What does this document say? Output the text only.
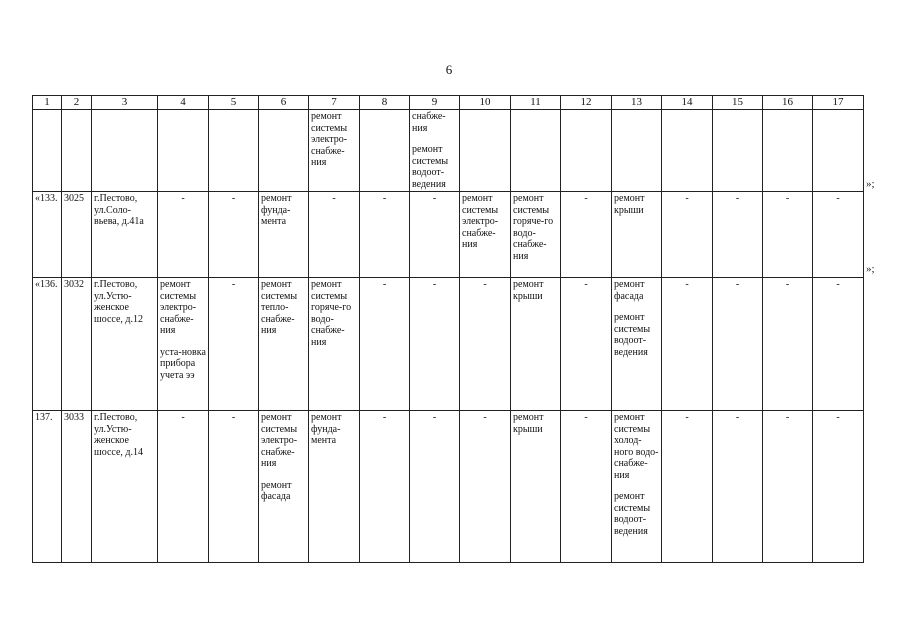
6
1	2	3	4	5	6	7	8	9	10	11	12	13	14	15	16	17

						ремонт системы электро-снабже-ния		снабже-ния
ремонт системы водоот-ведения								

«133.	3025	г.Пестово, ул.Соло-вьева, д.41а	-	-	ремонт фунда-мента	-	-	-	ремонт системы электро-снабже-ния	ремонт системы горяче-го водо-снабже-ния	-	ремонт крыши	-	-	-	-

«136.	3032	г.Пестово, ул.Устю-женское шоссе, д.12	ремонт системы электро-снабже-ния
уста-новка прибора учета ээ	-	ремонт системы тепло-снабже-ния	ремонт системы горяче-го водо-снабже-ния	-	-	-	ремонт крыши	-	ремонт фасада
ремонт системы водоот-ведения	-	-	-	-

137.	3033	г.Пестово, ул.Устю-женское шоссе, д.14	-	-	ремонт системы электро-снабже-ния
ремонт фасада	ремонт фунда-мента	-	-	-	ремонт крыши	-	ремонт системы холод-ного водо-снабже-ния
ремонт системы водоот-ведения	-	-	-	-
»;
»;
